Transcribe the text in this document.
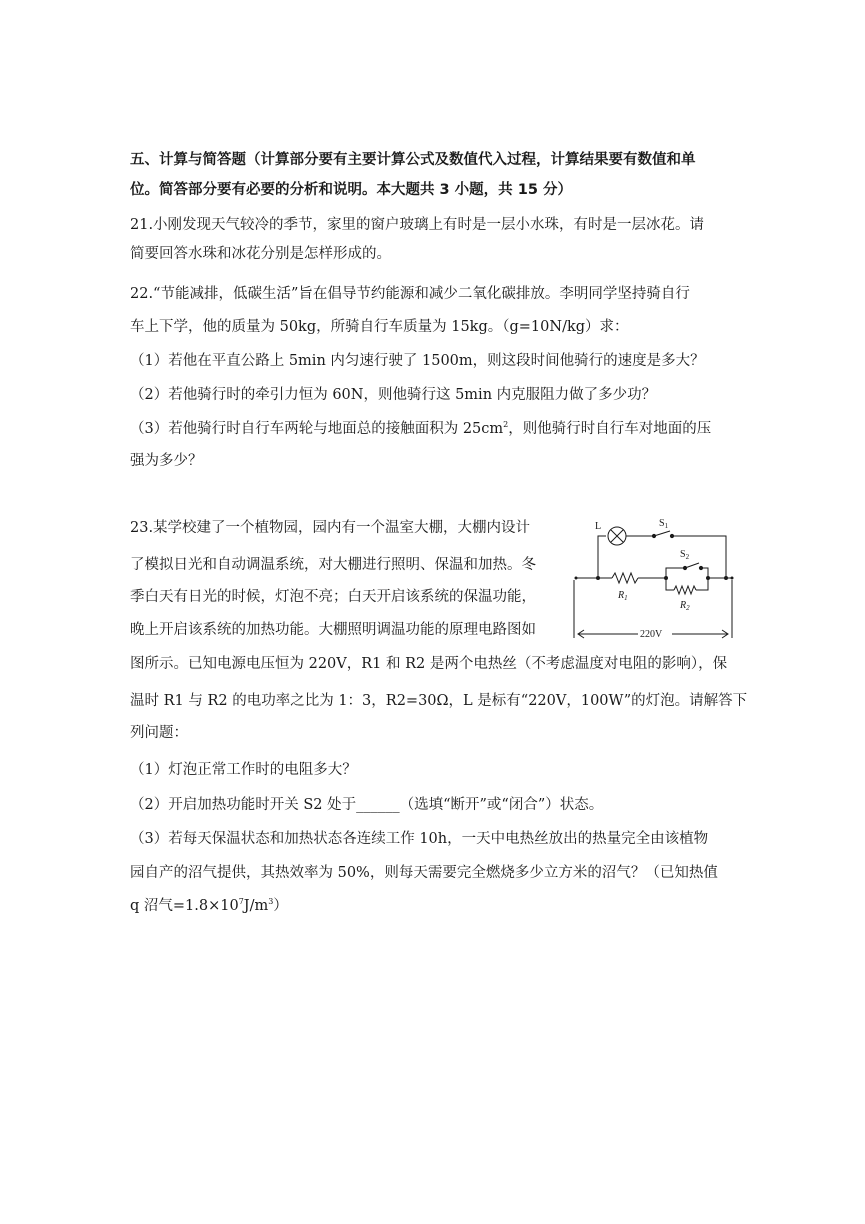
五、计算与简答题（计算部分要有主要计算公式及数值代入过程，计算结果要有数值和单
位。简答部分要有必要的分析和说明。本大题共 3 小题，共 15 分）
21.小刚发现天气较冷的季节，家里的窗户玻璃上有时是一层小水珠，有时是一层冰花。请
简要回答水珠和冰花分别是怎样形成的。
22.“节能减排，低碳生活”旨在倡导节约能源和减少二氧化碳排放。李明同学坚持骑自行
车上下学，他的质量为 50kg，所骑自行车质量为 15kg。（g=10N/kg）求：
（1）若他在平直公路上 5min 内匀速行驶了 1500m，则这段时间他骑行的速度是多大？
（2）若他骑行时的牵引力恒为 60N，则他骑行这 5min 内克服阻力做了多少功？
（3）若他骑行时自行车两轮与地面总的接触面积为 $25cm^2$，则他骑行时自行车对地面的压
强为多少？
23.某学校建了一个植物园，园内有一个温室大棚，大棚内设计
了模拟日光和自动调温系统，对大棚进行照明、保温和加热。冬
季白天有日光的时候，灯泡不亮；白天开启该系统的保温功能，
晚上开启该系统的加热功能。大棚照明调温功能的原理电路图如
图所示。已知电源电压恒为 220V，R1 和 R2 是两个电热丝（不考虑温度对电阻的影响），保
温时 R1 与 R2 的电功率之比为 1：3，R2=30Ω，L 是标有“220V，100W”的灯泡。请解答下
列问题：
（1）灯泡正常工作时的电阻多大？
（2）开启加热功能时开关 S2 处于______（选填“断开”或“闭合”）状态。
（3）若每天保温状态和加热状态各连续工作 10h，一天中电热丝放出的热量完全由该植物
园自产的沼气提供，其热效率为 50%，则每天需要完全燃烧多少立方米的沼气？（已知热值
q 沼气$=1.8\times 10^7J/m^3$）
L	$S_1$
$S_2$
$R_1$
$R_2$
220V
